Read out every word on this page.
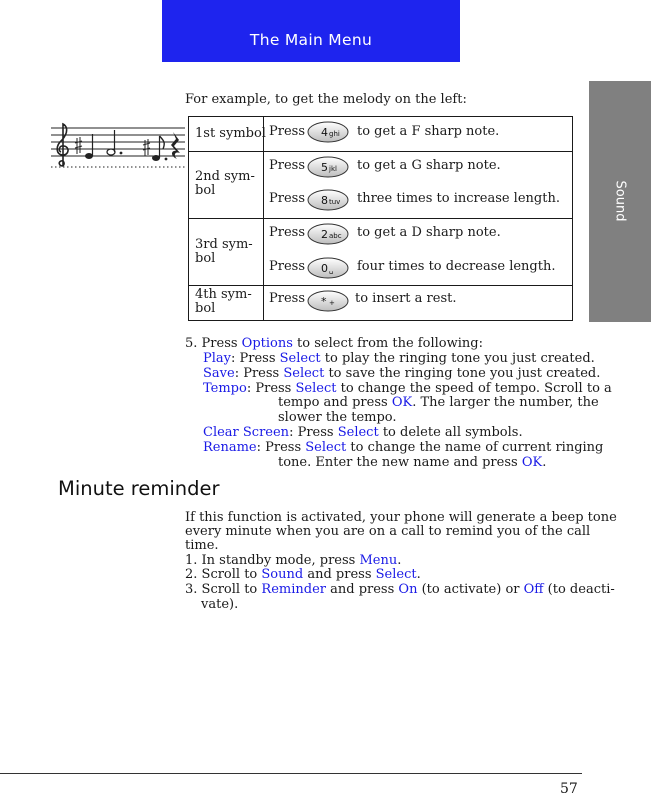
The Main Menu
Sound
For example, to get the melody on the left:
1st symbol Press 4 ghi to get a F sharp note.
2nd sym-
bol
Press 5 jkl to get a G sharp note.
Press 8 tuv three times to increase length.
3rd sym-
bol
Press 2 abc to get a D sharp note.
Press 0 ␣ four times to decrease length.
4th sym-
bol
Press * + to insert a rest.
5. Press Options to select from the following:
Play: Press Select to play the ringing tone you just created.
Save: Press Select to save the ringing tone you just created.
Tempo: Press Select to change the speed of tempo. Scroll to a
tempo and press OK. The larger the number, the
slower the tempo.
Clear Screen: Press Select to delete all symbols.
Rename: Press Select to change the name of current ringing
tone. Enter the new name and press OK.
Minute reminder
If this function is activated, your phone will generate a beep tone
every minute when you are on a call to remind you of the call
time.
1. In standby mode, press Menu.
2. Scroll to Sound and press Select.
3. Scroll to Reminder and press On (to activate) or Off (to deacti-
vate).
57
